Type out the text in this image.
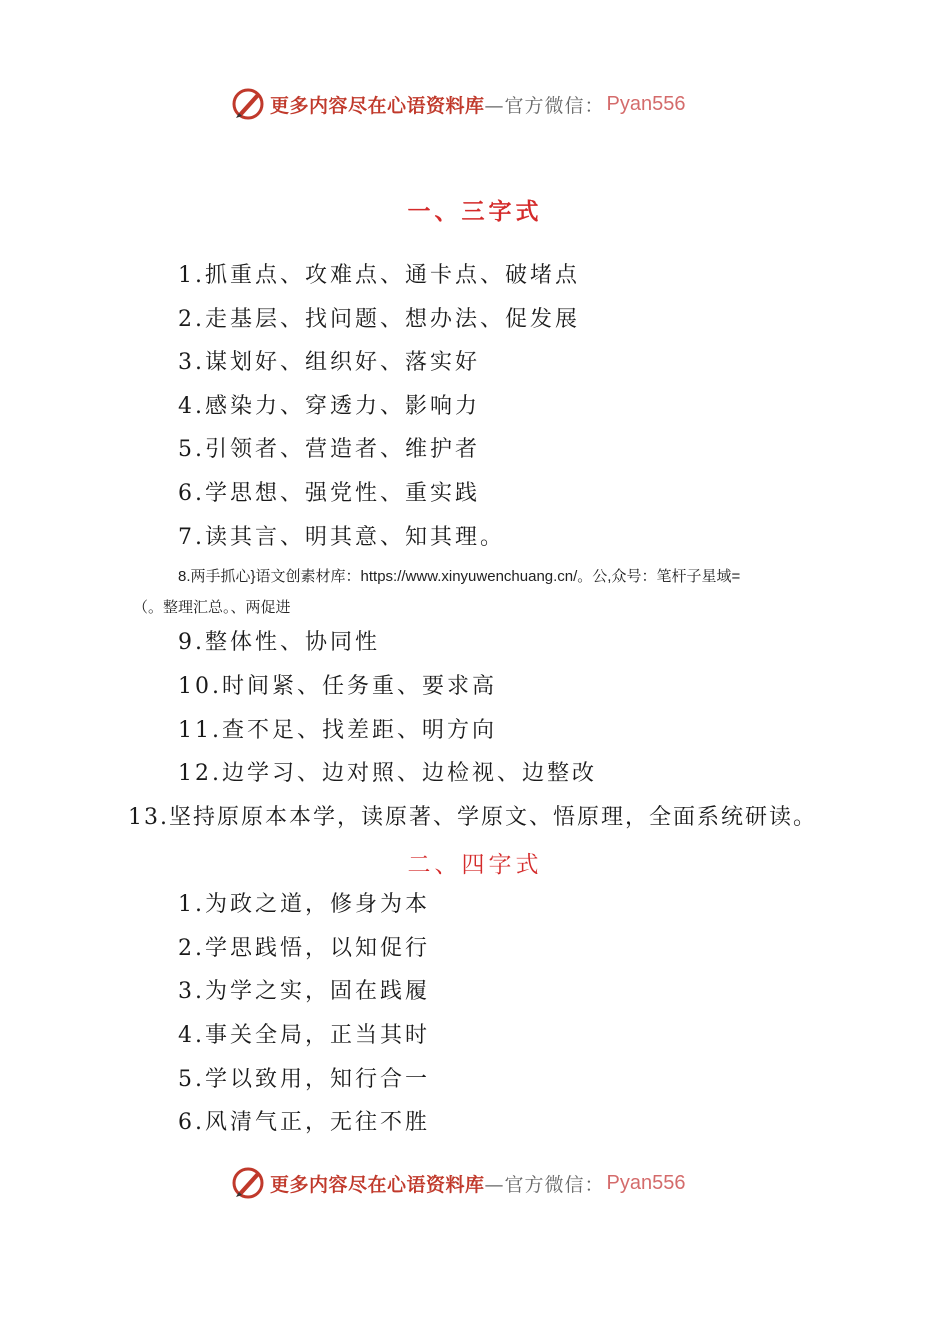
更多内容尽在心语资料库 —官方微信： Pyan556
一、三字式
1.抓重点、攻难点、通卡点、破堵点
2.走基层、找问题、想办法、促发展
3.谋划好、组织好、落实好
4.感染力、穿透力、影响力
5.引领者、营造者、维护者
6.学思想、强党性、重实践
7.读其言、明其意、知其理。
8.两手抓心}语文创素材库：https://www.xinyuwenchuang.cn/。公,众号：笔杆子星域=
（。整理汇总。、两促进
9.整体性、协同性
10.时间紧、任务重、要求高
11.查不足、找差距、明方向
12.边学习、边对照、边检视、边整改
13.坚持原原本本学，读原著、学原文、悟原理，全面系统研读。
二、四字式
1.为政之道，修身为本
2.学思践悟，以知促行
3.为学之实，固在践履
4.事关全局，正当其时
5.学以致用，知行合一
6.风清气正，无往不胜
更多内容尽在心语资料库 —官方微信： Pyan556
